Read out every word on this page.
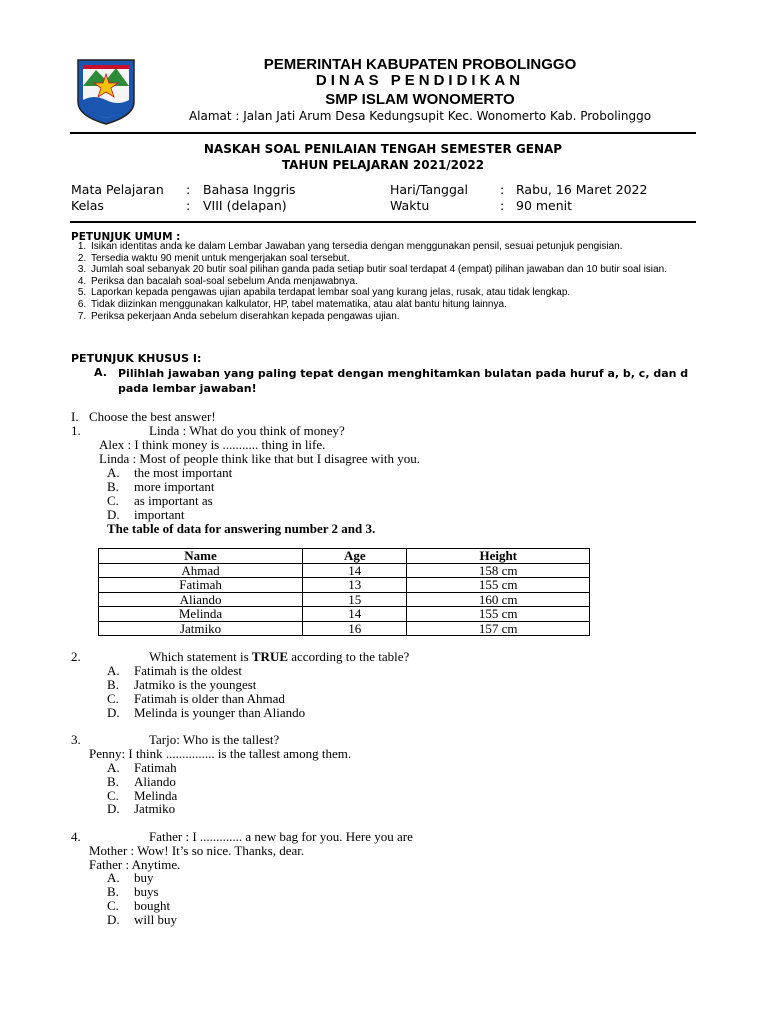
PEMERINTAH KABUPATEN PROBOLINGGO
DINAS PENDIDIKAN
SMP ISLAM WONOMERTO
Alamat : Jalan Jati Arum Desa Kedungsupit Kec. Wonomerto Kab. Probolinggo
NASKAH SOAL PENILAIAN TENGAH SEMESTER GENAP
TAHUN PELAJARAN 2021/2022
Mata Pelajaran : Bahasa Inggris	Hari/Tanggal	: Rabu, 16 Maret 2022
Kelas	: VIII (delapan)	Waktu	: 90 menit
PETUNJUK UMUM :
1. Isikan identitas anda ke dalam Lembar Jawaban yang tersedia dengan menggunakan pensil, sesuai petunjuk pengisian.
2. Tersedia waktu 90 menit untuk mengerjakan soal tersebut.
3. Jumlah soal sebanyak 20 butir soal pilihan ganda pada setiap butir soal terdapat 4 (empat) pilihan jawaban dan 10 butir soal isian.
4. Periksa dan bacalah soal-soal sebelum Anda menjawabnya.
5. Laporkan kepada pengawas ujian apabila terdapat lembar soal yang kurang jelas, rusak, atau tidak lengkap.
6. Tidak diizinkan menggunakan kalkulator, HP, tabel matematika, atau alat bantu hitung lainnya.
7. Periksa pekerjaan Anda sebelum diserahkan kepada pengawas ujian.
PETUNJUK KHUSUS I:
A. Pilihlah jawaban yang paling tepat dengan menghitamkan bulatan pada huruf a, b, c, dan d pada lembar jawaban!
I. Choose the best answer!
1.	Linda : What do you think of money?
Alex : I think money is ........... thing in life.
Linda : Most of people think like that but I disagree with you.
A. the most important
B. more important
C. as important as
D. important
The table of data for answering number 2 and 3.
Name	Age	Height
Ahmad	14	158 cm
Fatimah	13	155 cm
Aliando	15	160 cm
Melinda	14	155 cm
Jatmiko	16	157 cm
2.	Which statement is TRUE according to the table?
A. Fatimah is the oldest
B. Jatmiko is the youngest
C. Fatimah is older than Ahmad
D. Melinda is younger than Aliando
3.	Tarjo: Who is the tallest?
Penny: I think ............... is the tallest among them.
A. Fatimah
B. Aliando
C. Melinda
D. Jatmiko
4.	Father : I ............. a new bag for you. Here you are
Mother : Wow! It’s so nice. Thanks, dear.
Father : Anytime.
A. buy
B. buys
C. bought
D. will buy
